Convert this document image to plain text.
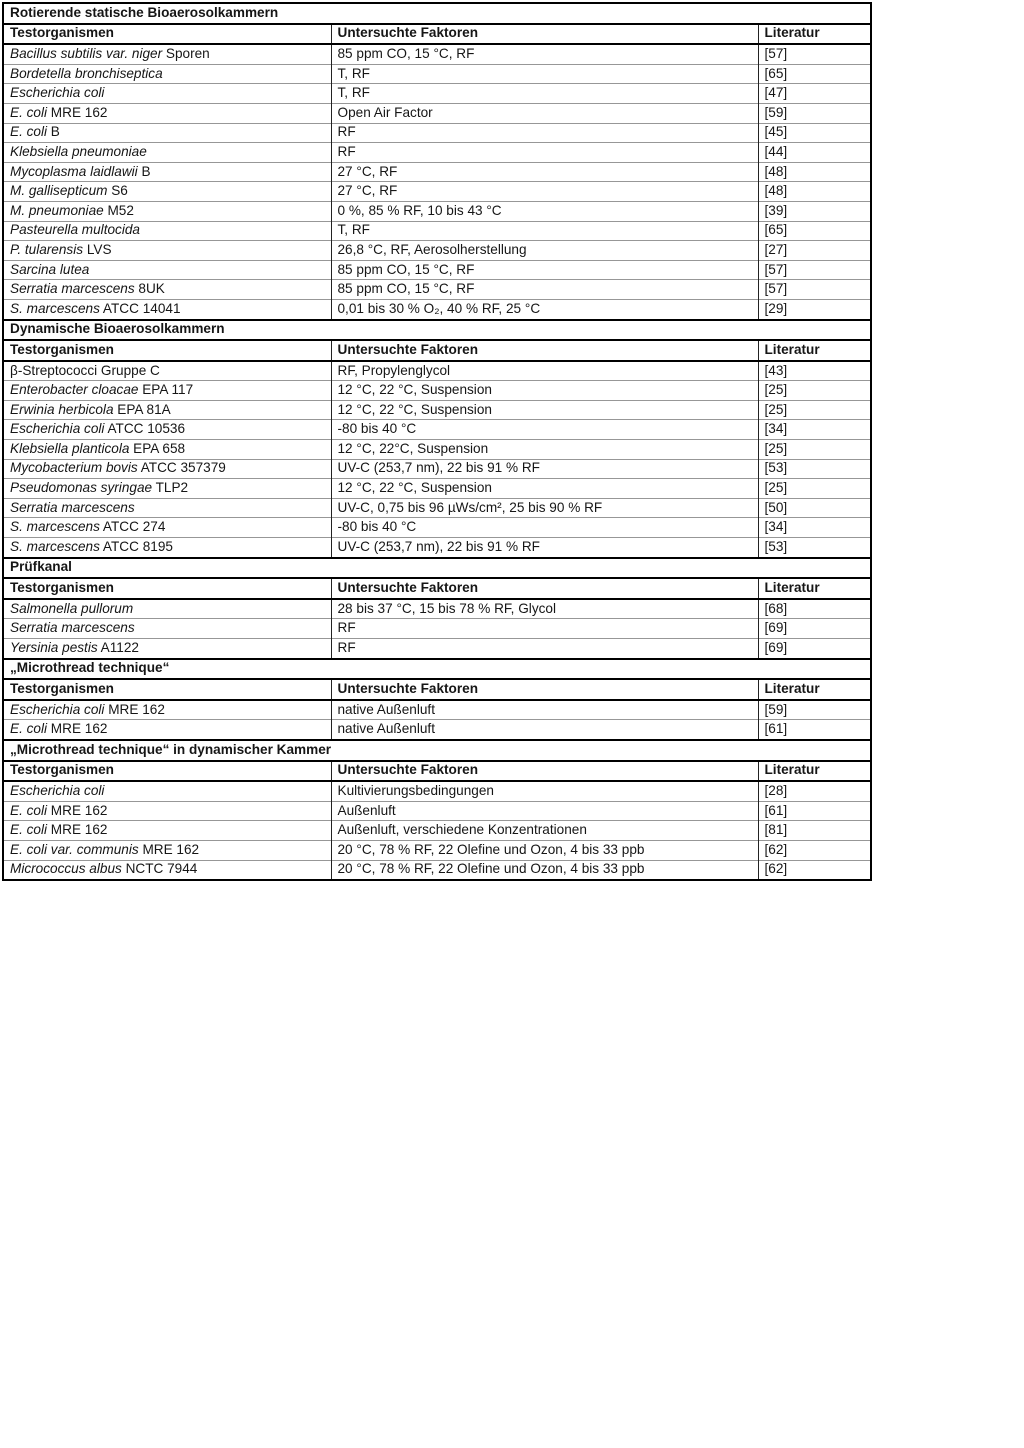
Rotierende statische Bioaerosolkammern		
Testorganismen	Untersuchte Faktoren	Literatur
Bacillus subtilis var. niger Sporen	85 ppm CO, 15 °C, RF	[57]
Bordetella bronchiseptica	T, RF	[65]
Escherichia coli	T, RF	[47]
E. coli MRE 162	Open Air Factor	[59]
E. coli B	RF	[45]
Klebsiella pneumoniae	RF	[44]
Mycoplasma laidlawii B	27 °C, RF	[48]
M. gallisepticum S6	27 °C, RF	[48]
M. pneumoniae M52	0 %, 85 % RF, 10 bis 43 °C	[39]
Pasteurella multocida	T, RF	[65]
P. tularensis LVS	26,8 °C, RF, Aerosolherstellung	[27]
Sarcina lutea	85 ppm CO, 15 °C, RF	[57]
Serratia marcescens 8UK	85 ppm CO, 15 °C, RF	[57]
S. marcescens ATCC 14041	0,01 bis 30 % O₂, 40 % RF, 25 °C	[29]
Dynamische Bioaerosolkammern		
Testorganismen	Untersuchte Faktoren	Literatur
β-Streptococci Gruppe C	RF, Propylenglycol	[43]
Enterobacter cloacae EPA 117	12 °C, 22 °C, Suspension	[25]
Erwinia herbicola EPA 81A	12 °C, 22 °C, Suspension	[25]
Escherichia coli ATCC 10536	-80 bis 40 °C	[34]
Klebsiella planticola EPA 658	12 °C, 22°C, Suspension	[25]
Mycobacterium bovis ATCC 357379	UV-C (253,7 nm), 22 bis 91 % RF	[53]
Pseudomonas syringae TLP2	12 °C, 22 °C, Suspension	[25]
Serratia marcescens	UV-C, 0,75 bis 96 µWs/cm², 25 bis 90 % RF	[50]
S. marcescens ATCC 274	-80 bis 40 °C	[34]
S. marcescens ATCC 8195	UV-C (253,7 nm), 22 bis 91 % RF	[53]
Prüfkanal		
Testorganismen	Untersuchte Faktoren	Literatur
Salmonella pullorum	28 bis 37 °C, 15 bis 78 % RF, Glycol	[68]
Serratia marcescens	RF	[69]
Yersinia pestis A1122	RF	[69]
„Microthread technique“		
Testorganismen	Untersuchte Faktoren	Literatur
Escherichia coli MRE 162	native Außenluft	[59]
E. coli MRE 162	native Außenluft	[61]
„Microthread technique“ in dynamischer Kammer		
Testorganismen	Untersuchte Faktoren	Literatur
Escherichia coli	Kultivierungsbedingungen	[28]
E. coli MRE 162	Außenluft	[61]
E. coli MRE 162	Außenluft, verschiedene Konzentrationen	[81]
E. coli var. communis MRE 162	20 °C, 78 % RF, 22 Olefine und Ozon, 4 bis 33 ppb	[62]
Micrococcus albus NCTC 7944	20 °C, 78 % RF, 22 Olefine und Ozon, 4 bis 33 ppb	[62]
